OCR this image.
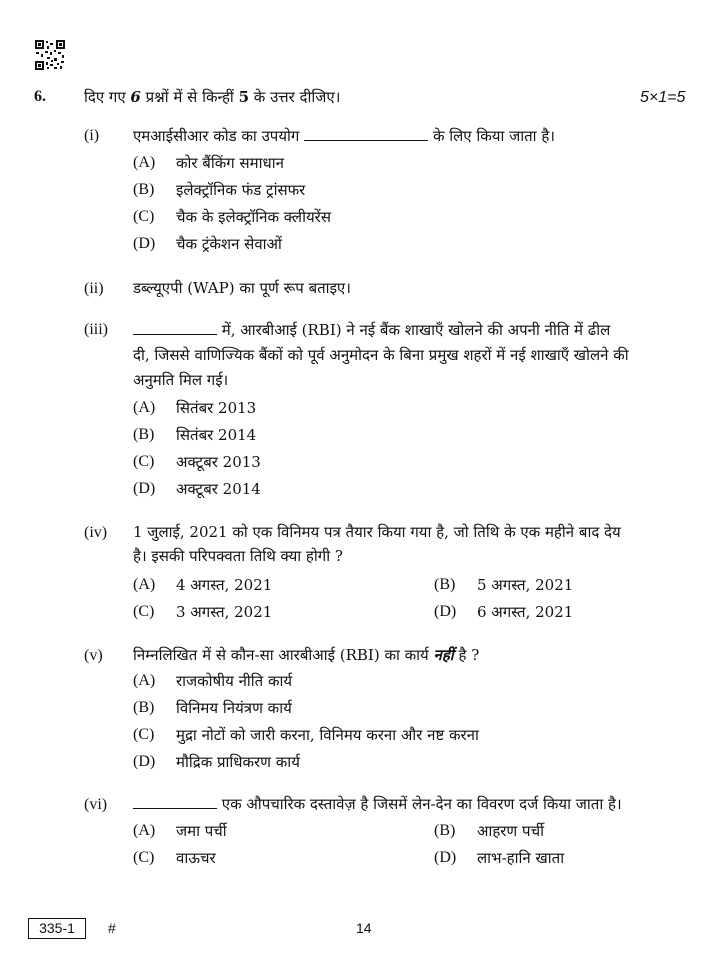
6.	दिए गए 6 प्रश्नों में से किन्हीं 5 के उत्तर दीजिए।	5×1=5
(i) एमआईसीआर कोड का उपयोग	के लिए किया जाता है।
(A) कोर बैंकिंग समाधान
(B) इलेक्ट्रॉनिक फंड ट्रांसफर
(C) चैक के इलेक्ट्रॉनिक क्लीयरेंस
(D) चैक ट्रंकेशन सेवाओं
(ii) डब्ल्यूएपी (WAP) का पूर्ण रूप बताइए।
(iii)	में, आरबीआई (RBI) ने नई बैंक शाखाएँ खोलने की अपनी नीति में ढील
दी, जिससे वाणिज्यिक बैंकों को पूर्व अनुमोदन के बिना प्रमुख शहरों में नई शाखाएँ खोलने की
अनुमति मिल गई।
(A) सितंबर 2013
(B) सितंबर 2014
(C) अक्टूबर 2013
(D) अक्टूबर 2014
(iv) 1 जुलाई, 2021 को एक विनिमय पत्र तैयार किया गया है, जो तिथि के एक महीने बाद देय
है। इसकी परिपक्वता तिथि क्या होगी ?
(A) 4 अगस्त, 2021	(B) 5 अगस्त, 2021
(C) 3 अगस्त, 2021	(D) 6 अगस्त, 2021
(v) निम्नलिखित में से कौन-सा आरबीआई (RBI) का कार्य नहीं है ?
(A) राजकोषीय नीति कार्य
(B) विनिमय नियंत्रण कार्य
(C) मुद्रा नोटों को जारी करना, विनिमय करना और नष्ट करना
(D) मौद्रिक प्राधिकरण कार्य
(vi)	एक औपचारिक दस्तावेज़ है जिसमें लेन-देन का विवरण दर्ज किया जाता है।
(A) जमा पर्ची	(B) आहरण पर्ची
(C) वाऊचर	(D) लाभ-हानि खाता
335-1	#	14
